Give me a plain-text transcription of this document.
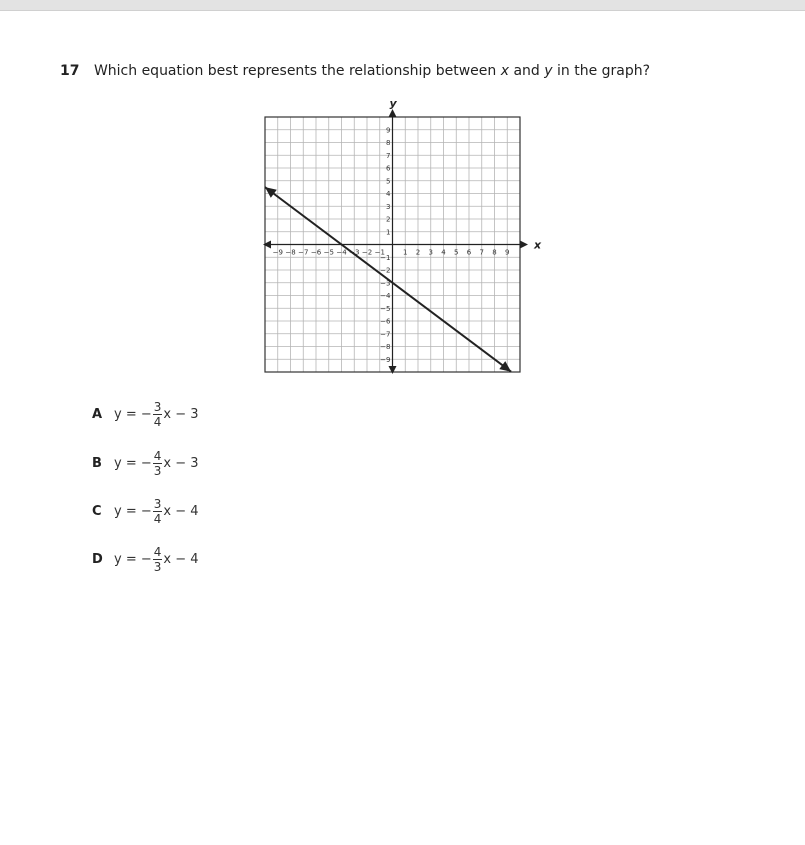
17 Which equation best represents the relationship between x and y in the graph?
x
y
−9 −8 −7 −6 −5 −4 −3 −2 −1	1 2 3 4 5 6 7 8 9
−9
−8
−7
−6
−5
−4
−3
−2
−1
1
2
3
4
5
6
7
8
9
A y = − $\frac{3}{4}$ x − 3
B y = − $\frac{4}{3}$ x − 3
C y = − $\frac{3}{4}$ x − 4
D y = − $\frac{4}{3}$ x − 4
